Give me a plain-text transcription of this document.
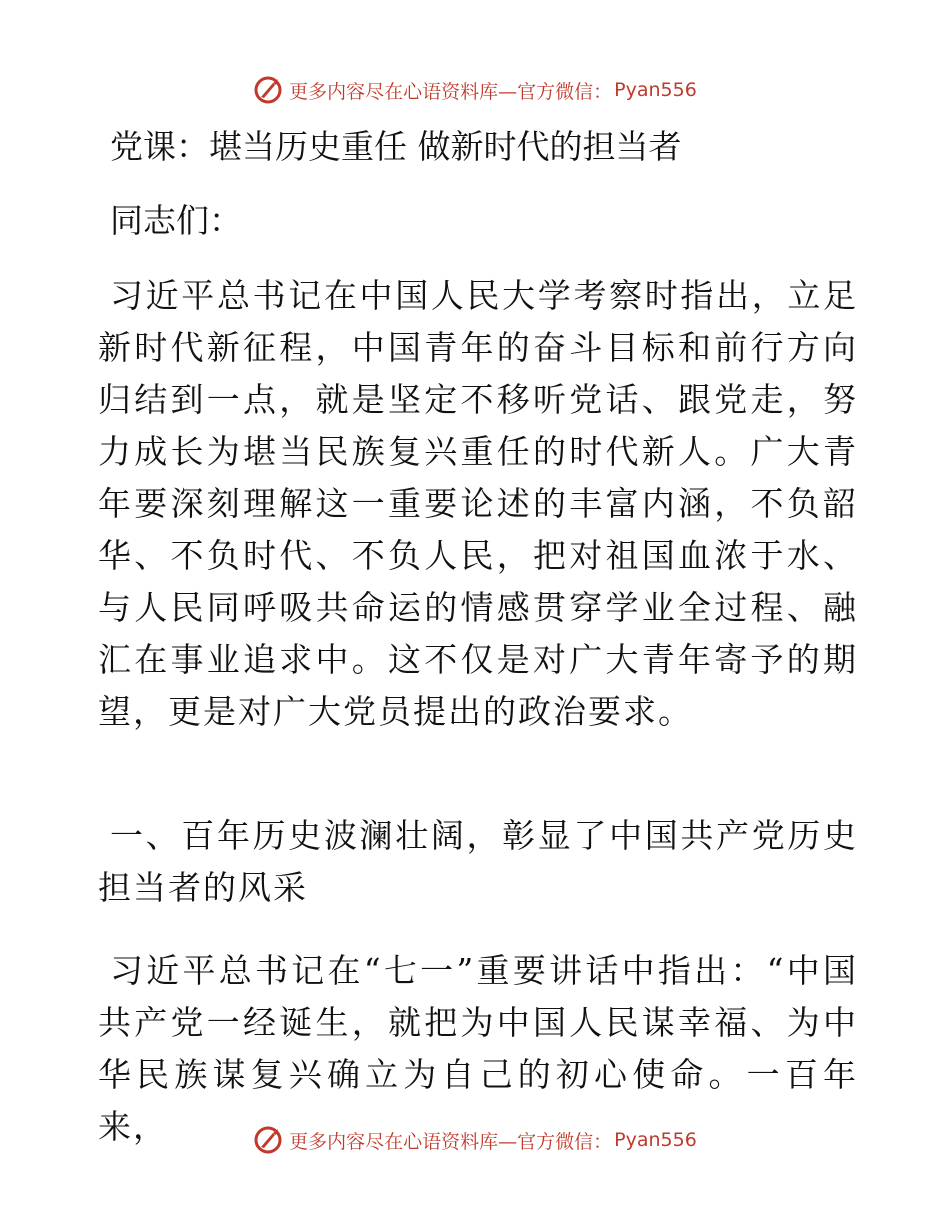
更多内容尽在心语资料库—官方微信： Pyan556
党课：堪当历史重任 做新时代的担当者
同志们：
习近平总书记在中国人民大学考察时指出，立足新时代新征程，中国青年的奋斗目标和前行方向归结到一点，就是坚定不移听党话、跟党走，努力成长为堪当民族复兴重任的时代新人。广大青年要深刻理解这一重要论述的丰富内涵，不负韶华、不负时代、不负人民，把对祖国血浓于水、与人民同呼吸共命运的情感贯穿学业全过程、融汇在事业追求中。这不仅是对广大青年寄予的期望，更是对广大党员提出的政治要求。
一、百年历史波澜壮阔，彰显了中国共产党历史担当者的风采
习近平总书记在“七一”重要讲话中指出：“中国共产党一经诞生，就把为中国人民谋幸福、为中华民族谋复兴确立为自己的初心使命。一百年来，	更多内容尽在心语资料库—官方微信： Pyan556
